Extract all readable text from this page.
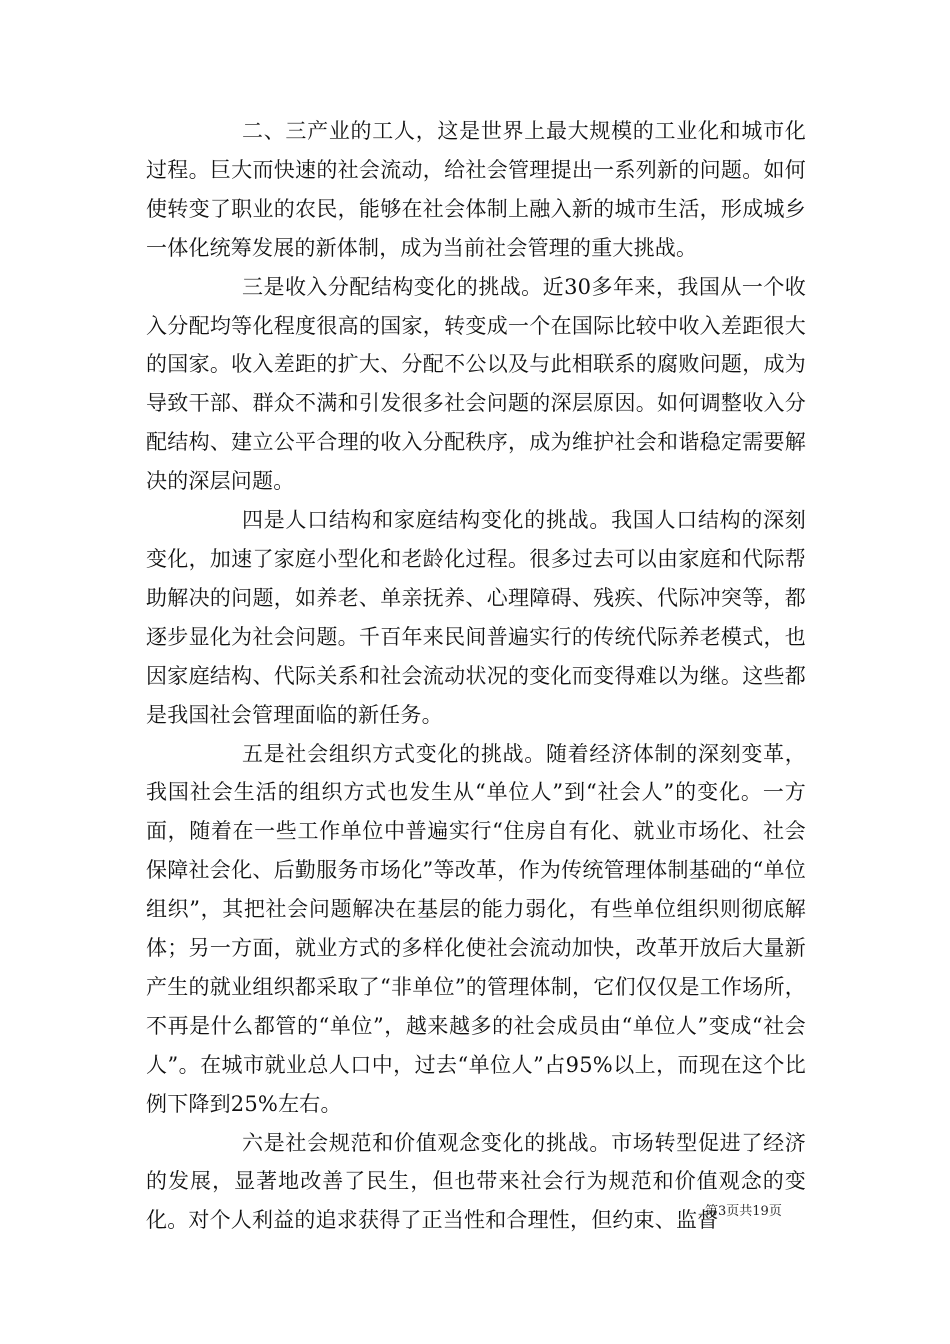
二、三产业的工人，这是世界上最大规模的工业化和城市化过程。巨大而快速的社会流动，给社会管理提出一系列新的问题。如何使转变了职业的农民，能够在社会体制上融入新的城市生活，形成城乡一体化统筹发展的新体制，成为当前社会管理的重大挑战。

三是收入分配结构变化的挑战。近30多年来，我国从一个收入分配均等化程度很高的国家，转变成一个在国际比较中收入差距很大的国家。收入差距的扩大、分配不公以及与此相联系的腐败问题，成为导致干部、群众不满和引发很多社会问题的深层原因。如何调整收入分配结构、建立公平合理的收入分配秩序，成为维护社会和谐稳定需要解决的深层问题。

四是人口结构和家庭结构变化的挑战。我国人口结构的深刻变化，加速了家庭小型化和老龄化过程。很多过去可以由家庭和代际帮助解决的问题，如养老、单亲抚养、心理障碍、残疾、代际冲突等，都逐步显化为社会问题。千百年来民间普遍实行的传统代际养老模式，也因家庭结构、代际关系和社会流动状况的变化而变得难以为继。这些都是我国社会管理面临的新任务。

五是社会组织方式变化的挑战。随着经济体制的深刻变革，我国社会生活的组织方式也发生从“单位人”到“社会人”的变化。一方面，随着在一些工作单位中普遍实行“住房自有化、就业市场化、社会保障社会化、后勤服务市场化”等改革，作为传统管理体制基础的“单位组织”，其把社会问题解决在基层的能力弱化，有些单位组织则彻底解体；另一方面，就业方式的多样化使社会流动加快，改革开放后大量新产生的就业组织都采取了“非单位”的管理体制，它们仅仅是工作场所，不再是什么都管的“单位”，越来越多的社会成员由“单位人”变成“社会人”。在城市就业总人口中，过去“单位人”占95%以上，而现在这个比例下降到25%左右。

六是社会规范和价值观念变化的挑战。市场转型促进了经济的发展，显著地改善了民生，但也带来社会行为规范和价值观念的变化。对个人利益的追求获得了正当性和合理性，但约束、监督

第3页共19页
